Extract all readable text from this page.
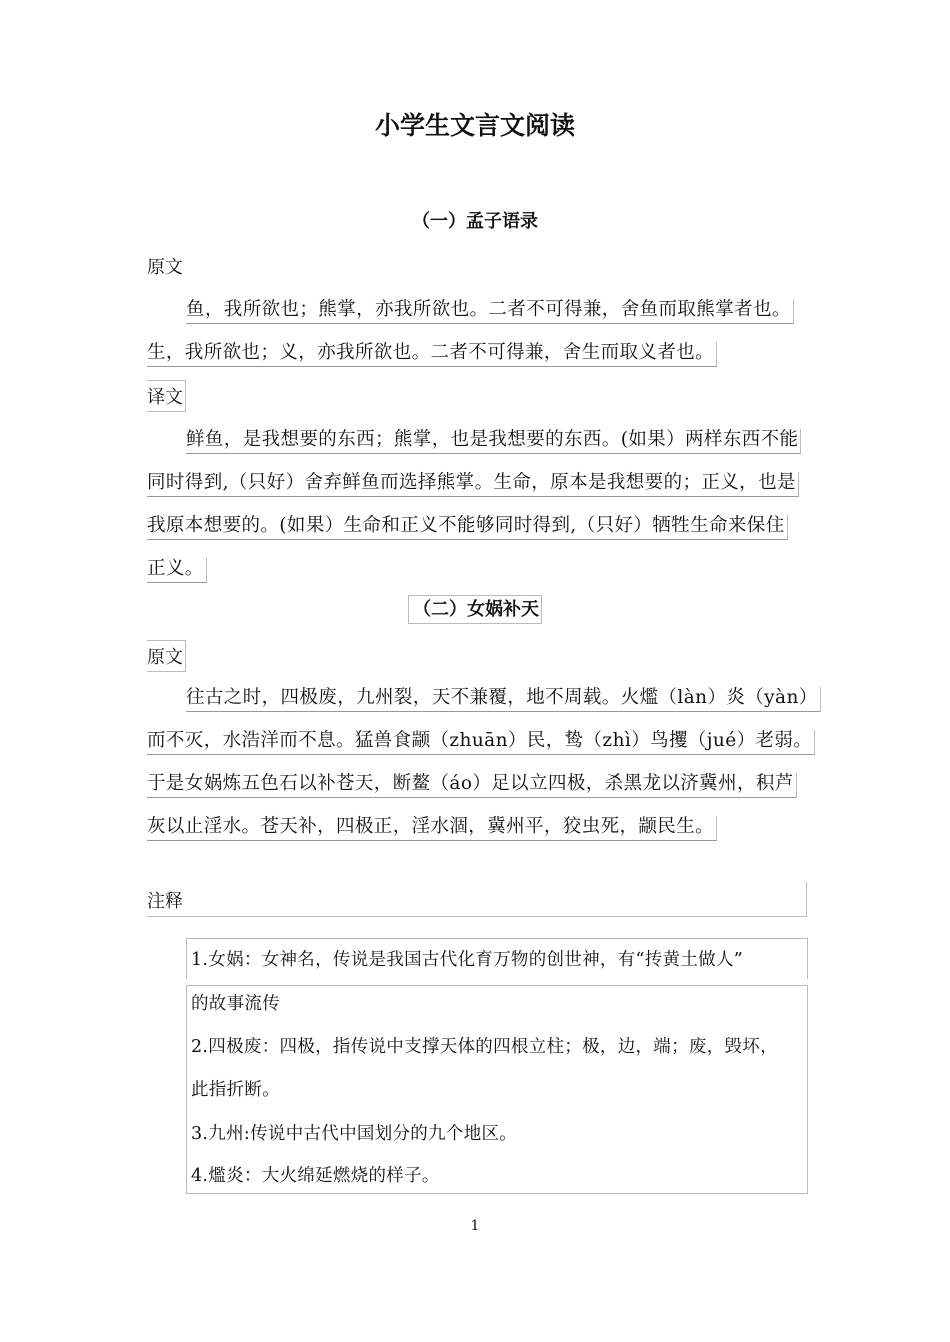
小学生文言文阅读
（一）孟子语录
原文
鱼，我所欲也；熊掌，亦我所欲也。二者不可得兼，舍鱼而取熊掌者也。
生，我所欲也；义，亦我所欲也。二者不可得兼，舍生而取义者也。
译文
鲜鱼，是我想要的东西；熊掌，也是我想要的东西。(如果）两样东西不能
同时得到,（只好）舍弃鲜鱼而选择熊掌。生命，原本是我想要的；正义，也是
我原本想要的。(如果）生命和正义不能够同时得到,（只好）牺牲生命来保住
正义。
（二）女娲补天
原文
往古之时，四极废，九州裂，天不兼覆，地不周载。火爁（làn）炎（yàn）
而不灭，水浩洋而不息。猛兽食颛（zhuān）民，鸷（zhì）鸟攫（jué）老弱。
于是女娲炼五色石以补苍天，断鳌（áo）足以立四极，杀黑龙以济冀州，积芦
灰以止淫水。苍天补，四极正，淫水涸，冀州平，狡虫死，颛民生。
注释
1.女娲：女神名，传说是我国古代化育万物的创世神，有“抟黄土做人”
的故事流传
2.四极废：四极，指传说中支撑天体的四根立柱；极，边，端；废，毁坏，
此指折断。
3.九州:传说中古代中国划分的九个地区。
4.爁炎：大火绵延燃烧的样子。
1
